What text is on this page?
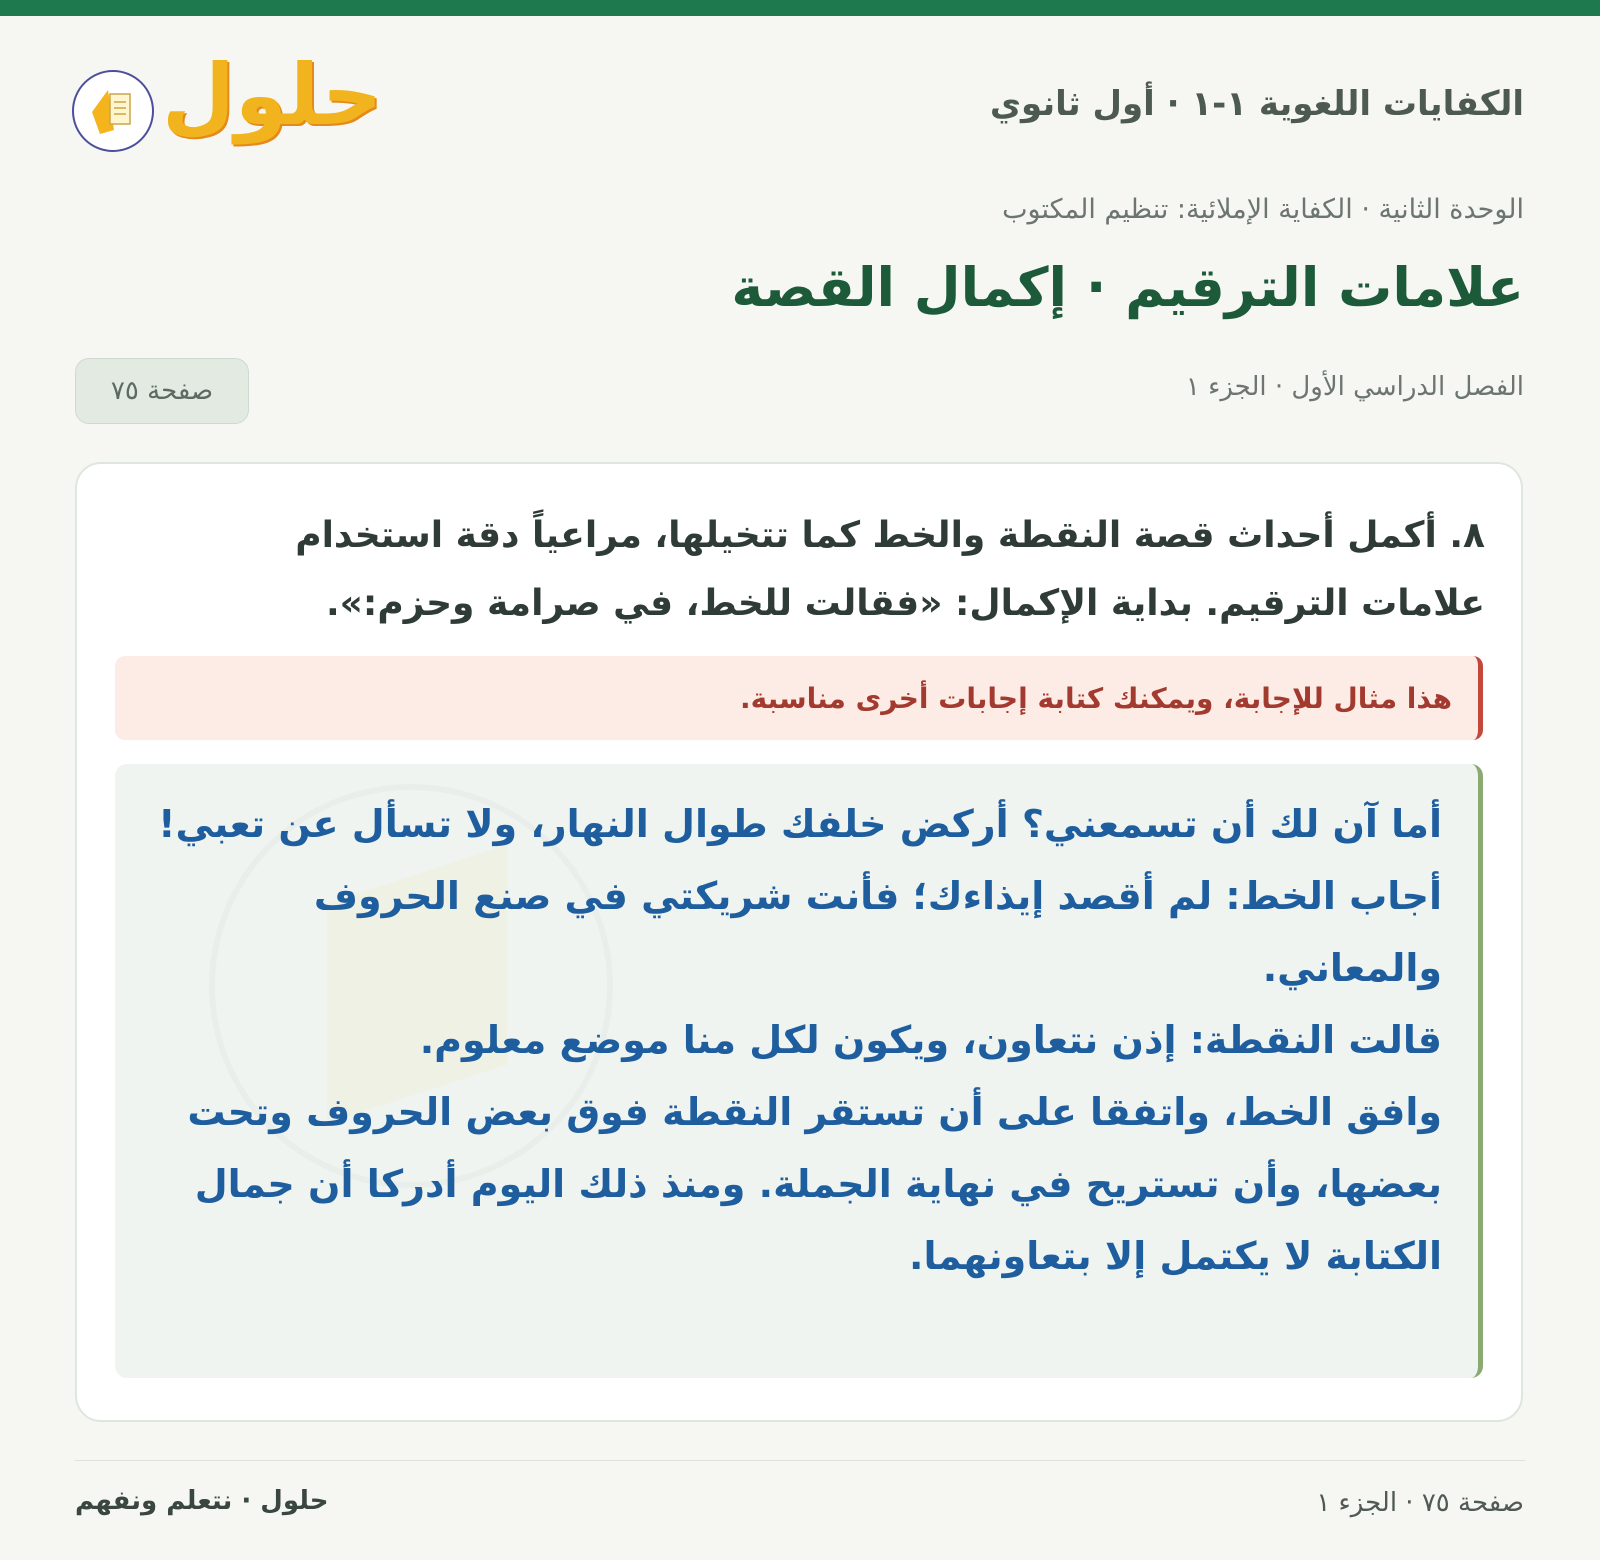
الكفايات اللغوية ١-١ · أول ثانوي
حلول
الوحدة الثانية · الكفاية الإملائية: تنظيم المكتوب
علامات الترقيم · إكمال القصة
الفصل الدراسي الأول · الجزء ١
صفحة ٧٥
٨. أكمل أحداث قصة النقطة والخط كما تتخيلها، مراعياً دقة استخدام علامات الترقيم. بداية الإكمال: «فقالت للخط، في صرامة وحزم:».
هذا مثال للإجابة، ويمكنك كتابة إجابات أخرى مناسبة.

أما آن لك أن تسمعني؟ أركض خلفك طوال النهار، ولا تسأل عن تعبي!

أجاب الخط: لم أقصد إيذاءك؛ فأنت شريكتي في صنع الحروف والمعاني.

قالت النقطة: إذن نتعاون، ويكون لكل منا موضع معلوم.

وافق الخط، واتفقا على أن تستقر النقطة فوق بعض الحروف وتحت بعضها، وأن تستريح في نهاية الجملة. ومنذ ذلك اليوم أدركا أن جمال الكتابة لا يكتمل إلا بتعاونهما.

صفحة ٧٥ · الجزء ١
حلول · نتعلم ونفهم
